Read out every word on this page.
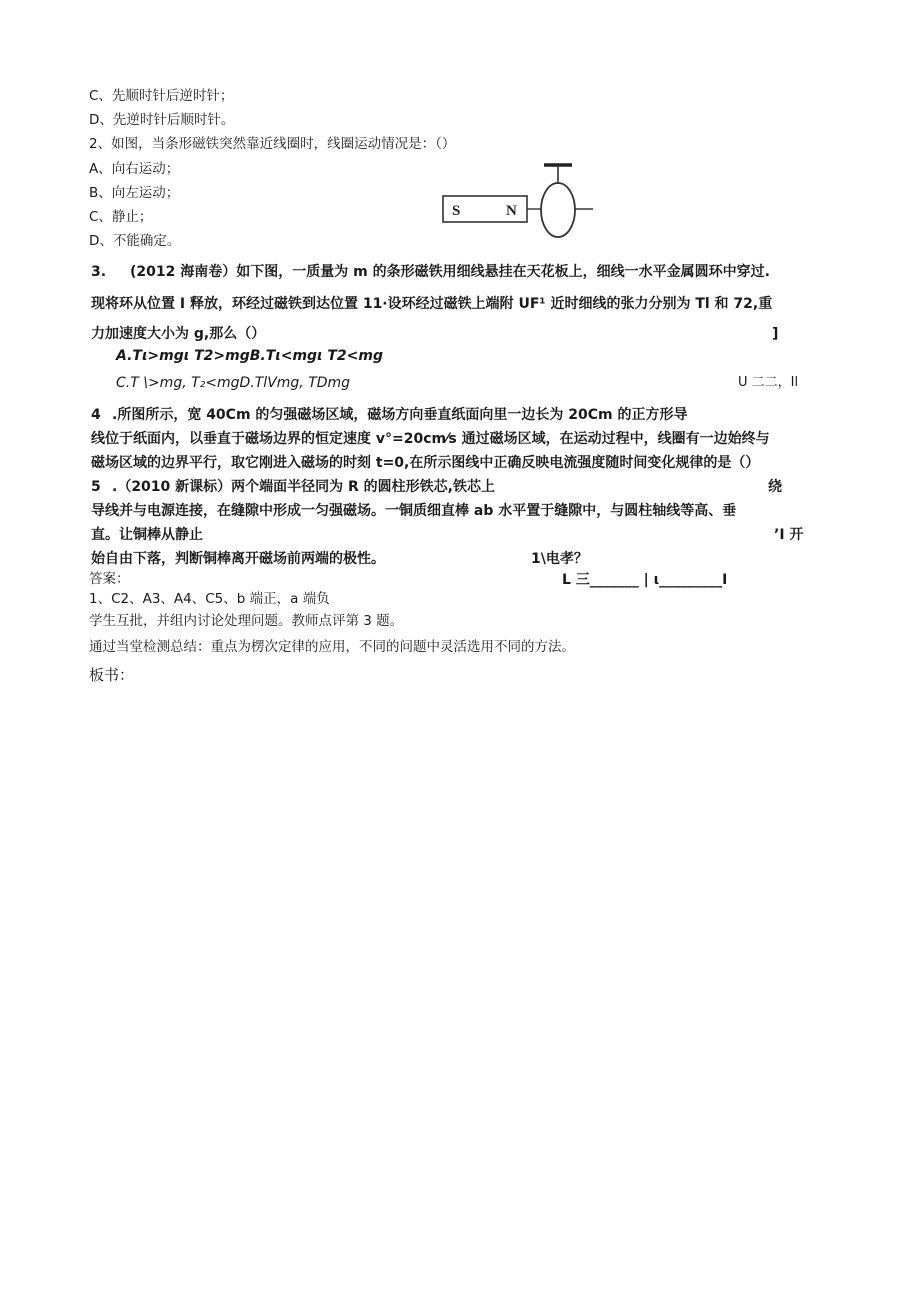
C、先顺时针后逆时针；
D、先逆时针后顺时针。
2、如图，当条形磁铁突然靠近线圈时，线圈运动情况是：（）
A、向右运动；
B、向左运动；
C、静止；
D、不能确定。
S	N
3. (2012 海南卷）如下图，一质量为 m 的条形磁铁用细线悬挂在天花板上，细线一水平金属圆环中穿过.
现将环从位置 I 释放，环经过磁铁到达位置 11·设环经过磁铁上端附 UF¹ 近时细线的张力分别为 Tl 和 72,重
力加速度大小为 g,那么（）	]
A.Tι>mgι T2>mgB.Tι<mgι T2<mg
C.T \>mg, T₂<mgD.TlVmg, TDmg	U 二二，Il
4 .所图所示，宽 40Cm 的匀强磁场区域，磁场方向垂直纸面向里一边长为 20Cm 的正方形导
线位于纸面内，以垂直于磁场边界的恒定速度 v°=20cm⁄s 通过磁场区域，在运动过程中，线圈有一边始终与
磁场区域的边界平行，取它刚进入磁场的时刻 t=0,在所示图线中正确反映电流强度随时间变化规律的是（）
5 .（2010 新课标）两个端面半径同为 R 的圆柱形铁芯,铁芯上	绕
导线并与电源连接，在缝隙中形成一匀强磁场。一铜质细直棒 ab 水平置于缝隙中，与圆柱轴线等高、垂
直。让铜棒从静止	’I 开
始自由下落，判断铜棒离开磁场前两端的极性。	1\电孝？
L 三_______ | ι_________I
答案：
1、C2、A3、A4、C5、b 端正，a 端负
学生互批，并组内讨论处理问题。教师点评第 3 题。
通过当堂检测总结：重点为楞次定律的应用，不同的问题中灵活选用不同的方法。
板书：
